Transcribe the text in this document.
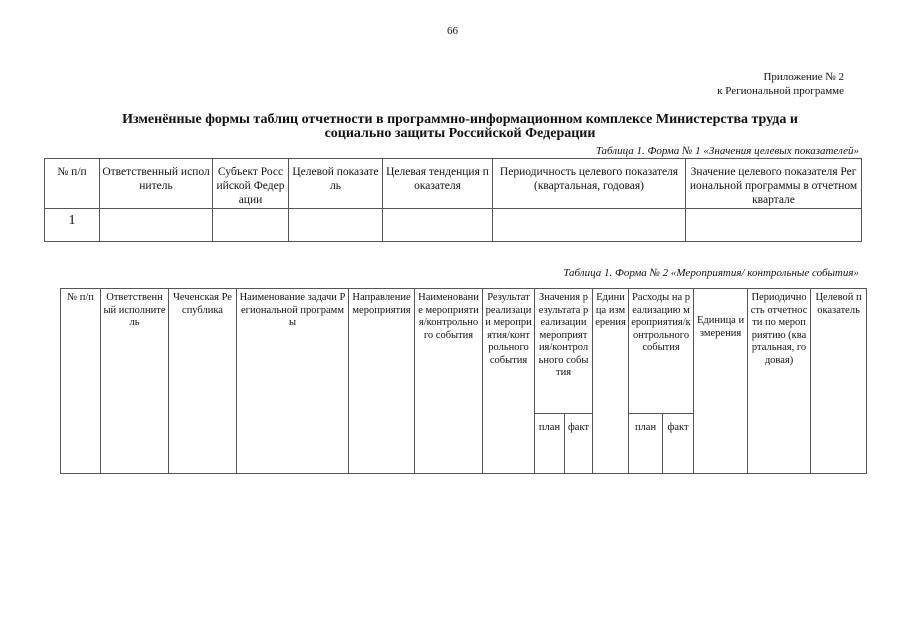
66
Приложение № 2
к Региональной программе
Изменённые формы таблиц отчетности в программно-информационном комплексе Министерства труда и
социально защиты Российской Федерации
Таблица 1. Форма № 1 «Значения целевых показателей»
№ п/п	Ответственный исполнитель	Субъект Российской Федерации	Целевой показатель	Целевая тенденция показателя	Периодичность целевого показателя (квартальная, годовая)	Значение целевого показателя Региональной программы в отчетном квартале
1						
Таблица 1. Форма № 2 «Мероприятия/ контрольные события»
№ п/п	Ответственный исполнитель	Чеченская Республика	Наименование задачи Региональной программы	Направление мероприятия	Наименование мероприятия/контрольного события	Результат реализации мероприятия/контрольного события	Значения результата реализации мероприятия/контрольного события		Единица измерения	Расходы на реализацию мероприятия/контрольного события		Единица измерения	Периодичность отчетности по мероприятию (квартальная, годовая)	Целевой показатель
							план	факт		план	факт			
